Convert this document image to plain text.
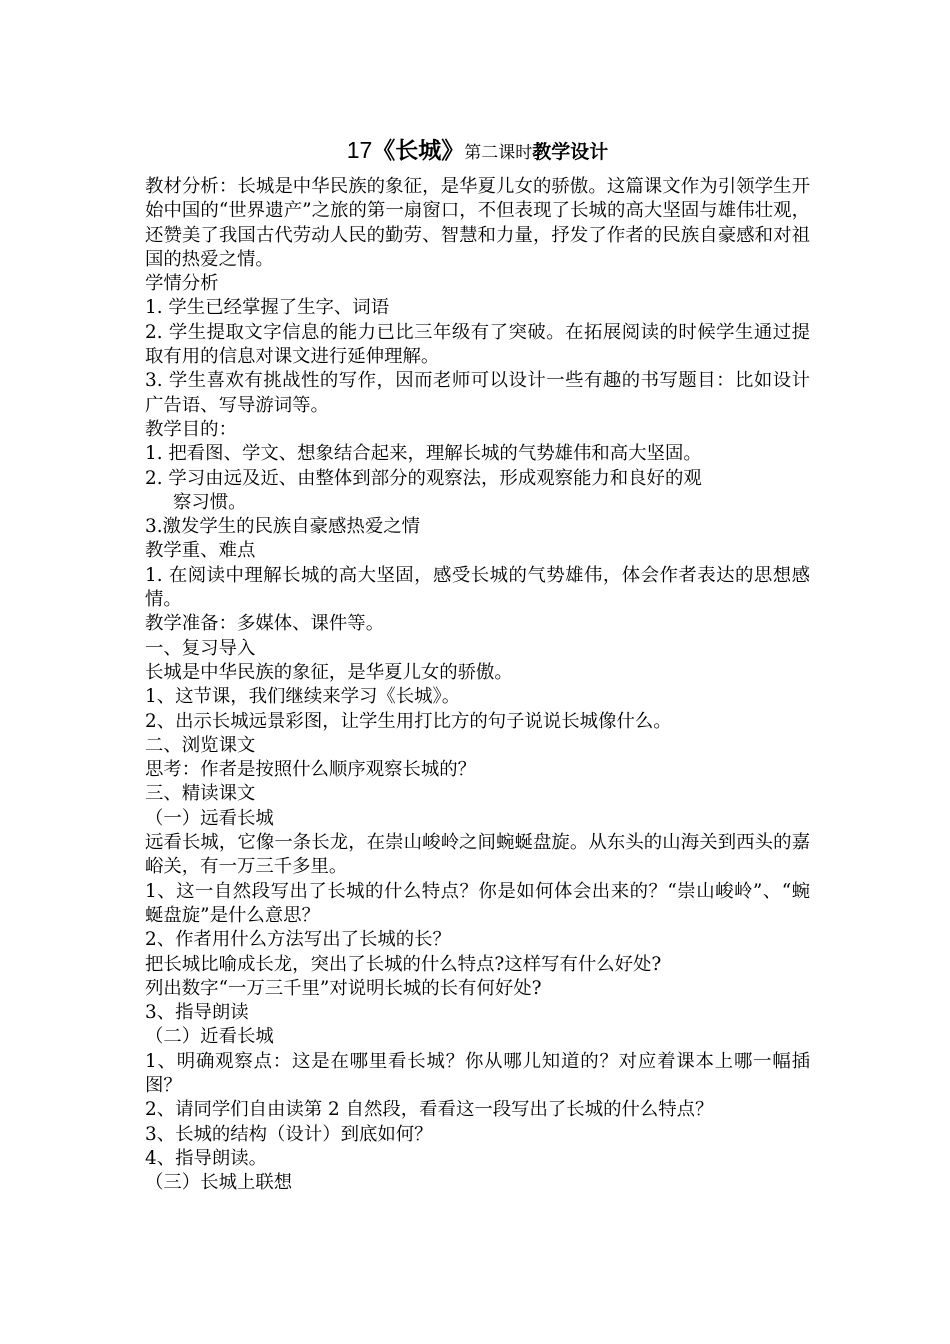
17《长城》第二课时教学设计

教材分析：长城是中华民族的象征，是华夏儿女的骄傲。这篇课文作为引领学生开始中国的“世界遗产”之旅的第一扇窗口，不但表现了长城的高大坚固与雄伟壮观，还赞美了我国古代劳动人民的勤劳、智慧和力量，抒发了作者的民族自豪感和对祖国的热爱之情。

学情分析

1. 学生已经掌握了生字、词语

2. 学生提取文字信息的能力已比三年级有了突破。在拓展阅读的时候学生通过提取有用的信息对课文进行延伸理解。

3. 学生喜欢有挑战性的写作，因而老师可以设计一些有趣的书写题目：比如设计广告语、写导游词等。

教学目的：

1. 把看图、学文、想象结合起来，理解长城的气势雄伟和高大坚固。

2. 学习由远及近、由整体到部分的观察法，形成观察能力和良好的观

察习惯。

3.激发学生的民族自豪感热爱之情

教学重、难点

1. 在阅读中理解长城的高大坚固，感受长城的气势雄伟，体会作者表达的思想感情。

教学准备：多媒体、课件等。

一、复习导入

长城是中华民族的象征，是华夏儿女的骄傲。

1、这节课，我们继续来学习《长城》。

2、出示长城远景彩图，让学生用打比方的句子说说长城像什么。

二、浏览课文

思考：作者是按照什么顺序观察长城的？

三、精读课文

（一）远看长城

远看长城，它像一条长龙，在崇山峻岭之间蜿蜒盘旋。从东头的山海关到西头的嘉峪关，有一万三千多里。

1、这一自然段写出了长城的什么特点？你是如何体会出来的？“崇山峻岭”、“蜿蜒盘旋”是什么意思？

2、作者用什么方法写出了长城的长？

把长城比喻成长龙，突出了长城的什么特点?这样写有什么好处?

列出数字“一万三千里”对说明长城的长有何好处?

3、指导朗读

（二）近看长城

1、明确观察点：这是在哪里看长城？你从哪儿知道的？对应着课本上哪一幅插图？

2、请同学们自由读第 2 自然段，看看这一段写出了长城的什么特点？

3、长城的结构（设计）到底如何？

4、指导朗读。

（三）长城上联想
